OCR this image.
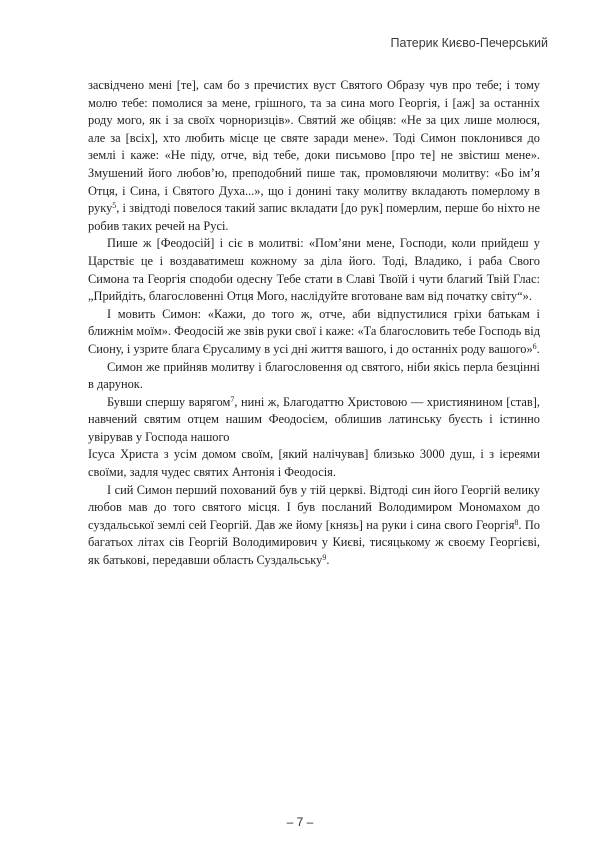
Патерик Києво-Печерський

засвідчено мені [те], сам бо з пречистих вуст Святого Образу чув про тебе; і тому молю тебе: помолися за мене, грішного, та за сина мого Георгія, і [аж] за останніх роду мого, як і за своїх чорноризців». Святий же обіцяв: «Не за цих лише молюся, але за [всіх], хто любить місце це святе заради мене». Тоді Симон поклонився до землі і каже: «Не піду, отче, від тебе, доки письмово [про те] не звістиш мене». Змушений його любов’ю, преподобний пише так, промовляючи молитву: «Бо ім’я Отця, і Сина, і Святого Духа...», що і донині таку молитву вкладають померлому в руку$^5$, і звідтоді повелося такий запис вкладати [до рук] померлим, перше бо ніхто не робив таких речей на Русі.

Пише ж [Феодосій] і сіє в молитві: «Пом’яни мене, Господи, коли прийдеш у Царствіє це і воздаватимеш кожному за ділa його. Тоді, Владико, і раба Свого Симона та Георгія сподоби одесну Тебе стати в Славі Твоїй і чути благий Твій Глас: „Прийдіть, благословенні Отця Мого, наслідуйте вготоване вам від початку світу“».

І мовить Симон: «Кажи, до того ж, отче, аби відпустилися гріхи батькам і ближнім моїм». Феодосій же звів руки свої і каже: «Та благословить тебе Господь від Сиону, і узрите блага Єрусалиму в усі дні життя вашого, і до останніх роду вашого»$^6$.

Симон же прийняв молитву і благословення од святого, ніби якісь перла безцінні в дарунок.

Бувши спершу варягом$^7$, нині ж, Благодаттю Христовою — християнином [став], навчений святим отцем нашим Феодосієм, облишив латинську буєсть і істинно увірував у Господа нашого

Ісуса Христа з усім домом своїм, [який налічував] близько 3000 душ, і з ієреями своїми, задля чудес святих Антонія і Феодосія.

І сий Симон перший похований був у тій церкві. Відтоді син його Георгій велику любов мав до того святого місця. І був посланий Володимиром Мономахом до суздальської землі сей Георгій. Дав же йому [князь] на руки і сина свого Георгія$^8$. По багатьох літах сів Георгій Володимирович у Києві, тисяцькому ж своєму Георгієві, як батькові, передавши область Суздальську$^9$.

– 7 –
